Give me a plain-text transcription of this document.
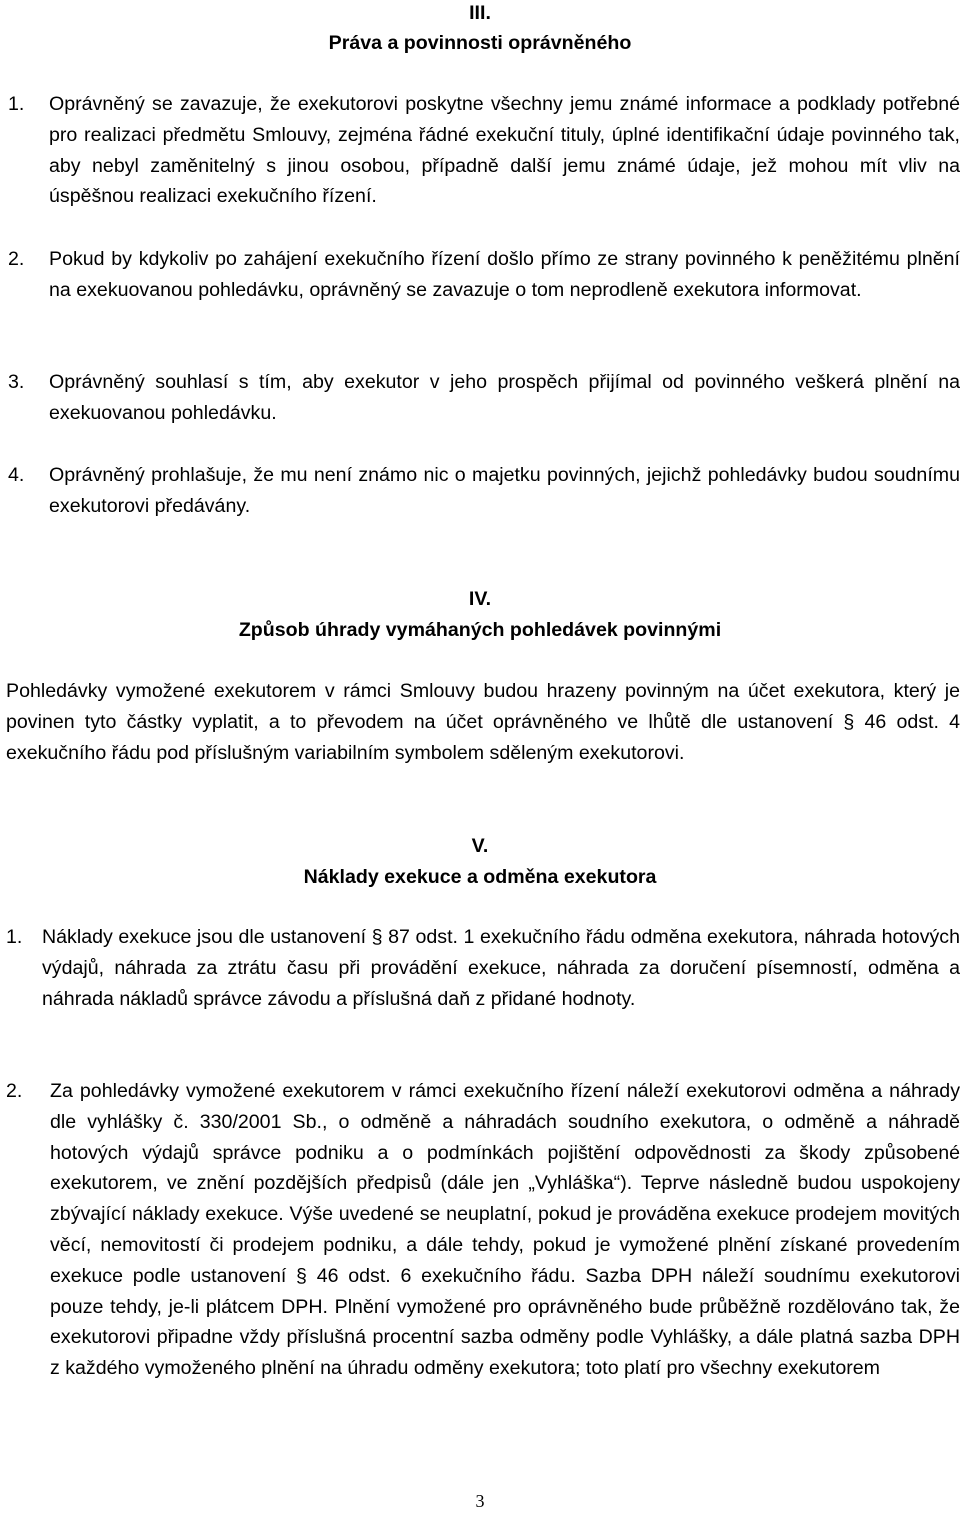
III.
Práva a povinnosti oprávněného
1. Oprávněný se zavazuje, že exekutorovi poskytne všechny jemu známé informace a podklady potřebné pro realizaci předmětu Smlouvy, zejména řádné exekuční tituly, úplné identifikační údaje povinného tak, aby nebyl zaměnitelný s jinou osobou, případně další jemu známé údaje, jež mohou mít vliv na úspěšnou realizaci exekučního řízení.

2. Pokud by kdykoliv po zahájení exekučního řízení došlo přímo ze strany povinného k peněžitému plnění na exekuovanou pohledávku, oprávněný se zavazuje o tom neprodleně exekutora informovat.

3. Oprávněný souhlasí s tím, aby exekutor v jeho prospěch přijímal od povinného veškerá plnění na exekuovanou pohledávku.

4. Oprávněný prohlašuje, že mu není známo nic o majetku povinných, jejichž pohledávky budou soudnímu exekutorovi předávány.

IV.
Způsob úhrady vymáhaných pohledávek povinnými

Pohledávky vymožené exekutorem v rámci Smlouvy budou hrazeny povinným na účet exekutora, který je povinen tyto částky vyplatit, a to převodem na účet oprávněného ve lhůtě dle ustanovení § 46 odst. 4 exekučního řádu pod příslušným variabilním symbolem sděleným exekutorovi.

V.
Náklady exekuce a odměna exekutora
1. Náklady exekuce jsou dle ustanovení § 87 odst. 1 exekučního řádu odměna exekutora, náhrada hotových výdajů, náhrada za ztrátu času při provádění exekuce, náhrada za doručení písemností, odměna a náhrada nákladů správce závodu a příslušná daň z přidané hodnoty.

2. Za pohledávky vymožené exekutorem v rámci exekučního řízení náleží exekutorovi odměna a náhrady dle vyhlášky č. 330/2001 Sb., o odměně a náhradách soudního exekutora, o odměně a náhradě hotových výdajů správce podniku a o podmínkách pojištění odpovědnosti za škody způsobené exekutorem, ve znění pozdějších předpisů (dále jen „Vyhláška“). Teprve následně budou uspokojeny zbývající náklady exekuce. Výše uvedené se neuplatní, pokud je prováděna exekuce prodejem movitých věcí, nemovitostí či prodejem podniku, a dále tehdy, pokud je vymožené plnění získané provedením exekuce podle ustanovení § 46 odst. 6 exekučního řádu. Sazba DPH náleží soudnímu exekutorovi pouze tehdy, je-li plátcem DPH. Plnění vymožené pro oprávněného bude průběžně rozdělováno tak, že exekutorovi připadne vždy příslušná procentní sazba odměny podle Vyhlášky, a dále platná sazba DPH z každého vymoženého plnění na úhradu odměny exekutora; toto platí pro všechny exekutorem

3
